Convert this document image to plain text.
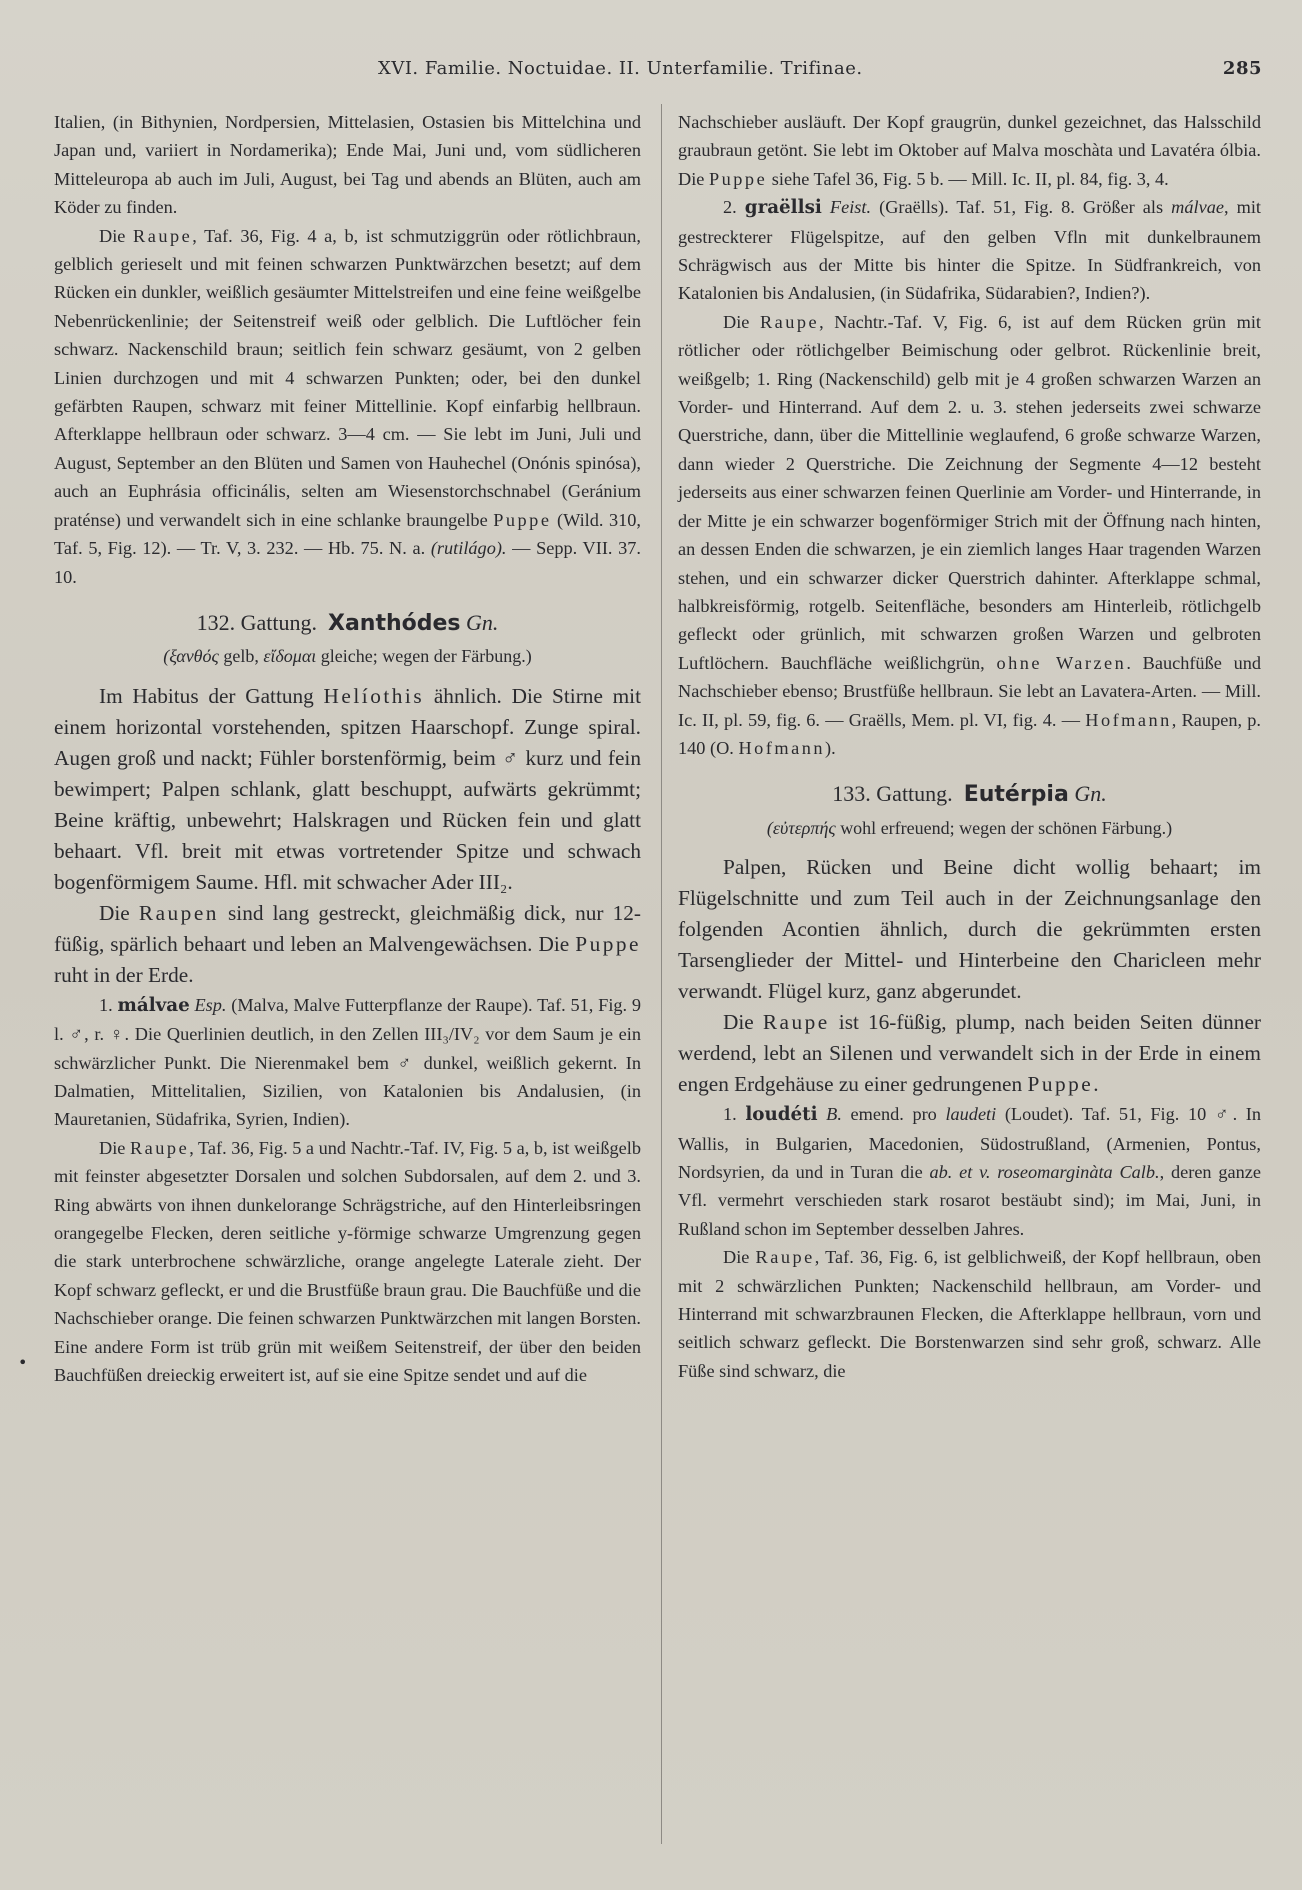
XVI. Familie. Noctuidae. II. Unterfamilie. Trifinae.	285
•

Italien, (in Bithynien, Nordpersien, Mittelasien, Ostasien bis Mittelchina und Japan und, variiert in Nordamerika); Ende Mai, Juni und, vom südlicheren Mitteleuropa ab auch im Juli, August, bei Tag und abends an Blüten, auch am Köder zu finden.

Die Raupe, Taf. 36, Fig. 4 a, b, ist schmutziggrün oder rötlichbraun, gelblich gerieselt und mit feinen schwarzen Punktwärzchen besetzt; auf dem Rücken ein dunkler, weißlich gesäumter Mittelstreifen und eine feine weißgelbe Nebenrückenlinie; der Seitenstreif weiß oder gelblich. Die Luftlöcher fein schwarz. Nackenschild braun; seitlich fein schwarz gesäumt, von 2 gelben Linien durchzogen und mit 4 schwarzen Punkten; oder, bei den dunkel gefärbten Raupen, schwarz mit feiner Mittellinie. Kopf einfarbig hellbraun. Afterklappe hellbraun oder schwarz. 3—4 cm. — Sie lebt im Juni, Juli und August, September an den Blüten und Samen von Hauhechel (Onónis spinósa), auch an Euphrásia officinális, selten am Wiesenstorchschnabel (Geránium praténse) und verwandelt sich in eine schlanke braungelbe Puppe (Wild. 310, Taf. 5, Fig. 12). — Tr. V, 3. 232. — Hb. 75. N. a. (rutilágo). — Sepp. VII. 37. 10.

132. Gattung. Xanthódes Gn.
(ξανθός gelb, εἴδομαι gleiche; wegen der Färbung.)

Im Habitus der Gattung Helíothis ähnlich. Die Stirne mit einem horizontal vorstehenden, spitzen Haarschopf. Zunge spiral. Augen groß und nackt; Fühler borstenförmig, beim ♂ kurz und fein bewimpert; Palpen schlank, glatt beschuppt, aufwärts gekrümmt; Beine kräftig, unbewehrt; Halskragen und Rücken fein und glatt behaart. Vfl. breit mit etwas vortretender Spitze und schwach bogenförmigem Saume. Hfl. mit schwacher Ader III₂.

Die Raupen sind lang gestreckt, gleichmäßig dick, nur 12-füßig, spärlich behaart und leben an Malvengewächsen. Die Puppe ruht in der Erde.

1. málvae Esp. (Malva, Malve Futterpflanze der Raupe). Taf. 51, Fig. 9 l. ♂, r. ♀. Die Querlinien deutlich, in den Zellen III₃/IV₂ vor dem Saum je ein schwärzlicher Punkt. Die Nierenmakel bem ♂ dunkel, weißlich gekernt. In Dalmatien, Mittelitalien, Sizilien, von Katalonien bis Andalusien, (in Mauretanien, Südafrika, Syrien, Indien).

Die Raupe, Taf. 36, Fig. 5 a und Nachtr.-Taf. IV, Fig. 5 a, b, ist weißgelb mit feinster abgesetzter Dorsalen und solchen Subdorsalen, auf dem 2. und 3. Ring abwärts von ihnen dunkelorange Schrägstriche, auf den Hinterleibsringen orangegelbe Flecken, deren seitliche y-förmige schwarze Umgrenzung gegen die stark unterbrochene schwärzliche, orange angelegte Laterale zieht. Der Kopf schwarz gefleckt, er und die Brustfüße braun grau. Die Bauchfüße und die Nachschieber orange. Die feinen schwarzen Punktwärzchen mit langen Borsten. Eine andere Form ist trüb grün mit weißem Seitenstreif, der über den beiden Bauchfüßen dreieckig erweitert ist, auf sie eine Spitze sendet und auf die

Nachschieber ausläuft. Der Kopf graugrün, dunkel gezeichnet, das Halsschild graubraun getönt. Sie lebt im Oktober auf Malva moschàta und Lavatéra ólbia. Die Puppe siehe Tafel 36, Fig. 5 b. — Mill. Ic. II, pl. 84, fig. 3, 4.

2. graëllsi Feist. (Graëlls). Taf. 51, Fig. 8. Größer als málvae, mit gestreckterer Flügelspitze, auf den gelben Vfln mit dunkelbraunem Schrägwisch aus der Mitte bis hinter die Spitze. In Südfrankreich, von Katalonien bis Andalusien, (in Südafrika, Südarabien?, Indien?).

Die Raupe, Nachtr.-Taf. V, Fig. 6, ist auf dem Rücken grün mit rötlicher oder rötlichgelber Beimischung oder gelbrot. Rückenlinie breit, weißgelb; 1. Ring (Nackenschild) gelb mit je 4 großen schwarzen Warzen an Vorder- und Hinterrand. Auf dem 2. u. 3. stehen jederseits zwei schwarze Querstriche, dann, über die Mittellinie weglaufend, 6 große schwarze Warzen, dann wieder 2 Querstriche. Die Zeichnung der Segmente 4—12 besteht jederseits aus einer schwarzen feinen Querlinie am Vorder- und Hinterrande, in der Mitte je ein schwarzer bogenförmiger Strich mit der Öffnung nach hinten, an dessen Enden die schwarzen, je ein ziemlich langes Haar tragenden Warzen stehen, und ein schwarzer dicker Querstrich dahinter. Afterklappe schmal, halbkreisförmig, rotgelb. Seitenfläche, besonders am Hinterleib, rötlichgelb gefleckt oder grünlich, mit schwarzen großen Warzen und gelbroten Luftlöchern. Bauchfläche weißlichgrün, ohne Warzen. Bauchfüße und Nachschieber ebenso; Brustfüße hellbraun. Sie lebt an Lavatera-Arten. — Mill. Ic. II, pl. 59, fig. 6. — Graëlls, Mem. pl. VI, fig. 4. — Hofmann, Raupen, p. 140 (O. Hofmann).

133. Gattung. Eutérpia Gn.
(εὐτερπής wohl erfreuend; wegen der schönen Färbung.)

Palpen, Rücken und Beine dicht wollig behaart; im Flügelschnitte und zum Teil auch in der Zeichnungsanlage den folgenden Acontien ähnlich, durch die gekrümmten ersten Tarsenglieder der Mittel- und Hinterbeine den Charicleen mehr verwandt. Flügel kurz, ganz abgerundet.

Die Raupe ist 16-füßig, plump, nach beiden Seiten dünner werdend, lebt an Silenen und verwandelt sich in der Erde in einem engen Erdgehäuse zu einer gedrungenen Puppe.

1. loudéti B. emend. pro laudeti (Loudet). Taf. 51, Fig. 10 ♂. In Wallis, in Bulgarien, Macedonien, Südostrußland, (Armenien, Pontus, Nordsyrien, da und in Turan die ab. et v. roseomarginàta Calb., deren ganze Vfl. vermehrt verschieden stark rosarot bestäubt sind); im Mai, Juni, in Rußland schon im September desselben Jahres.

Die Raupe, Taf. 36, Fig. 6, ist gelblichweiß, der Kopf hellbraun, oben mit 2 schwärzlichen Punkten; Nackenschild hellbraun, am Vorder- und Hinterrand mit schwarzbraunen Flecken, die Afterklappe hellbraun, vorn und seitlich schwarz gefleckt. Die Borstenwarzen sind sehr groß, schwarz. Alle Füße sind schwarz, die
